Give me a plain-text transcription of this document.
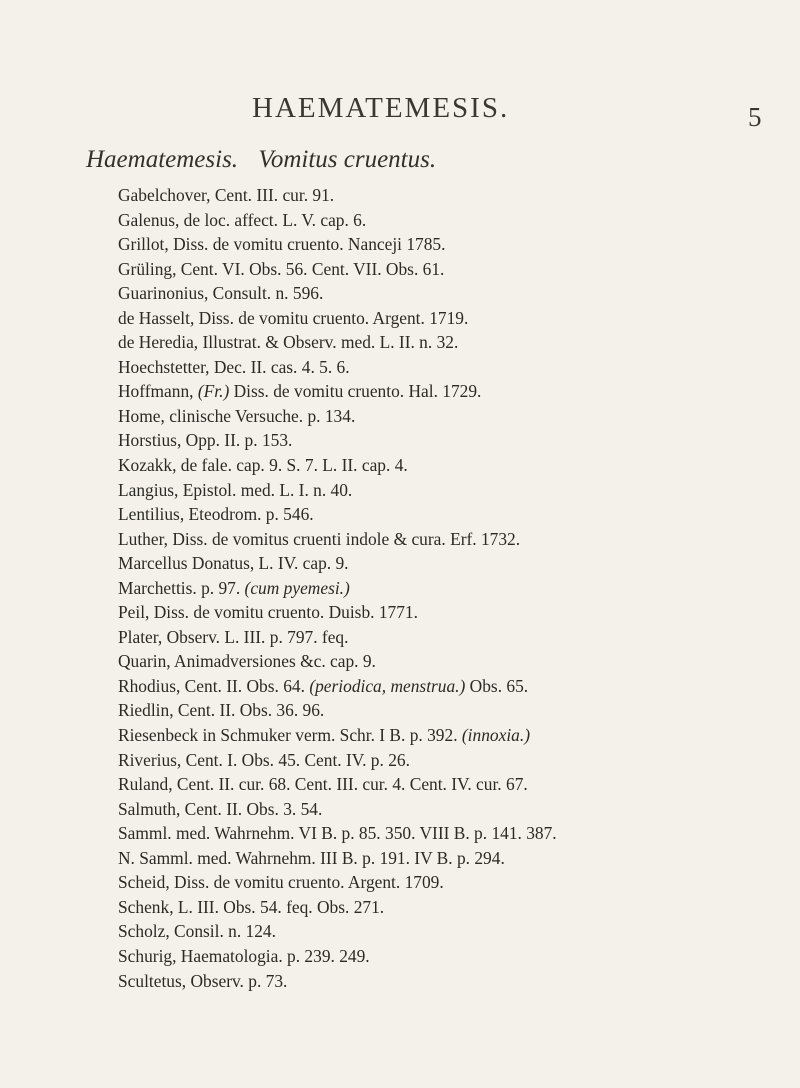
HAEMATEMESIS.	5
Haematemesis. Vomitus cruentus.
Gabelchover, Cent. III. cur. 91.
Galenus, de loc. affect. L. V. cap. 6.
Grillot, Diss. de vomitu cruento. Nanceji 1785.
Grüling, Cent. VI. Obs. 56. Cent. VII. Obs. 61.
Guarinonius, Consult. n. 596.
de Hasselt, Diss. de vomitu cruento. Argent. 1719.
de Heredia, Illustrat. & Observ. med. L. II. n. 32.
Hoechstetter, Dec. II. cas. 4. 5. 6.
Hoffmann, (Fr.) Diss. de vomitu cruento. Hal. 1729.
Home, clinische Versuche. p. 134.
Horstius, Opp. II. p. 153.
Kozakk, de fale. cap. 9. S. 7. L. II. cap. 4.
Langius, Epistol. med. L. I. n. 40.
Lentilius, Eteodrom. p. 546.
Luther, Diss. de vomitus cruenti indole & cura. Erf. 1732.
Marcellus Donatus, L. IV. cap. 9.
Marchettis. p. 97. (cum pyemesi.)
Peil, Diss. de vomitu cruento. Duisb. 1771.
Plater, Observ. L. III. p. 797. feq.
Quarin, Animadversiones &c. cap. 9.
Rhodius, Cent. II. Obs. 64. (periodica, menstrua.) Obs. 65.
Riedlin, Cent. II. Obs. 36. 96.
Riesenbeck in Schmuker verm. Schr. I B. p. 392. (innoxia.)
Riverius, Cent. I. Obs. 45. Cent. IV. p. 26.
Ruland, Cent. II. cur. 68. Cent. III. cur. 4. Cent. IV. cur. 67.
Salmuth, Cent. II. Obs. 3. 54.
Samml. med. Wahrnehm. VI B. p. 85. 350. VIII B. p. 141. 387.
N. Samml. med. Wahrnehm. III B. p. 191. IV B. p. 294.
Scheid, Diss. de vomitu cruento. Argent. 1709.
Schenk, L. III. Obs. 54. feq. Obs. 271.
Scholz, Consil. n. 124.
Schurig, Haematologia. p. 239. 249.
Scultetus, Observ. p. 73.
